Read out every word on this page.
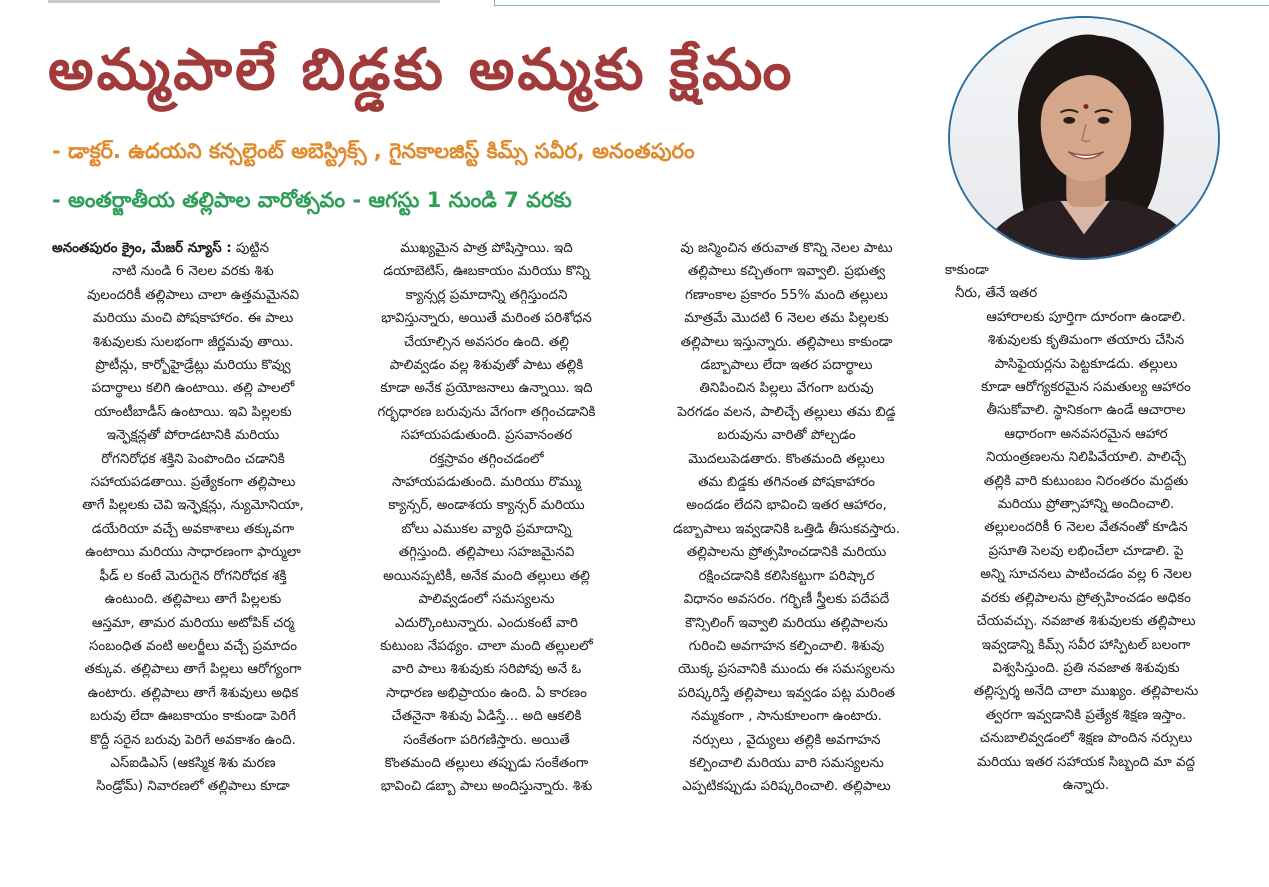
అమ్మపాలే బిడ్డకు అమ్మకు క్షేమం

- డాక్టర్. ఉదయని కన్సల్టెంట్ అబెస్ట్రిక్స్ , గైనకాలజిస్ట్ కిమ్స్ సవీర, అనంతపురం

- అంతర్జాతీయ తల్లిపాల వారోత్సవం - ఆగస్టు 1 నుండి 7 వరకు

అనంతపురం క్రైం, మేజర్ న్యూస్ : పుట్టిన

నాటి నుండి 6 నెలల వరకు శిశు

వులందరికీ తల్లిపాలు చాలా ఉత్తమమైనవి

మరియు మంచి పోషకాహారం. ఈ పాలు

శిశువులకు సులభంగా జీర్ణమవు తాయి.

ప్రొటీన్లు, కార్బోహైడ్రేట్లు మరియు కొవ్వు

పదార్థాలు కలిగి ఉంటాయి. తల్లి పాలలో

యాంటీబాడీస్ ఉంటాయి. ఇవి పిల్లలకు

ఇన్ఫెక్షన్లతో పోరాడటానికి మరియు

రోగనిరోధక శక్తిని పెంపొందిం చడానికి

సహాయపడతాయి. ప్రత్యేకంగా తల్లిపాలు

తాగే పిల్లలకు చెవి ఇన్ఫెక్షన్లు, న్యుమోనియా,

డయేరియా వచ్చే అవకాశాలు తక్కువగా

ఉంటాయి మరియు సాధారణంగా ఫార్ములా

ఫీడ్ ల కంటే మెరుగైన రోగనిరోధక శక్తి

ఉంటుంది. తల్లిపాలు తాగే పిల్లలకు

ఆస్తమా, తామర మరియు అటోపిక్ చర్మ

సంబంధిత వంటి అలర్జీలు వచ్చే ప్రమాదం

తక్కువ. తల్లిపాలు తాగే పిల్లలు ఆరోగ్యంగా

ఉంటారు. తల్లిపాలు తాగే శిశువులు అధిక

బరువు లేదా ఊబకాయం కాకుండా పెరిగే

కొద్దీ సరైన బరువు పెరిగే అవకాశం ఉంది.

ఎస్ఐడిఎస్ (ఆకస్మిక శిశు మరణ

సిండ్రోమ్) నివారణలో తల్లిపాలు కూడా

ముఖ్యమైన పాత్ర పోషిస్తాయి. ఇది

డయాబెటిస్, ఊబకాయం మరియు కొన్ని

క్యాన్సర్ల ప్రమాదాన్ని తగ్గిస్తుందని

భావిస్తున్నారు, అయితే మరింత పరిశోధన

చేయాల్సిన అవసరం ఉంది. తల్లి

పాలివ్వడం వల్ల శిశువుతో పాటు తల్లికి

కూడా అనేక ప్రయోజనాలు ఉన్నాయి. ఇది

గర్భధారణ బరువును వేగంగా తగ్గించడానికి

సహాయపడుతుంది. ప్రసవానంతర

రక్తస్రావం తగ్గించడంలో

సాహాయపడుతుంది. మరియు రొమ్ము

క్యాన్సర్, అండాశయ క్యాన్సర్ మరియు

బోలు ఎముకల వ్యాధి ప్రమాదాన్ని

తగ్గిస్తుంది. తల్లిపాలు సహజమైనవి

అయినప్పటికీ, అనేక మంది తల్లులు తల్లి

పాలివ్వడంలో సమస్యలను

ఎదుర్కొంటున్నారు. ఎందుకంటే వారి

కుటుంబ నేపథ్యం. చాలా మంది తల్లులలో

వారి పాలు శిశువుకు సరిపోవు అనే ఓ

సాధారణ అభిప్రాయం ఉంది. ఏ కారణం

చేతనైనా శిశువు ఏడిస్తే... అది ఆకలికి

సంకేతంగా పరిగణిస్తారు. అయితే

కొంతమంది తల్లులు తప్పుడు సంకేతంగా

భావించి డబ్బా పాలు అందిస్తున్నారు. శిశు

వు జన్మించిన తరువాత కొన్ని నెలల పాటు

తల్లిపాలు కచ్చితంగా ఇవ్వాలి. ప్రభుత్వ

గణాంకాల ప్రకారం 55% మంది తల్లులు

మాత్రమే మొదటి 6 నెలల తమ పిల్లలకు

తల్లిపాలు ఇస్తున్నారు. తల్లిపాలు కాకుండా

డబ్బాపాలు లేదా ఇతర పదార్థాలు

తినిపించిన పిల్లలు వేగంగా బరువు

పెరగడం వలన, పాలిచ్చే తల్లులు తమ బిడ్డ

బరువును వారితో పోల్చడం

మొదలుపెడతారు. కొంతమంది తల్లులు

తమ బిడ్డకు తగినంత పోషకాహారం

అందడం లేదని భావించి ఇతర ఆహారం,

డబ్బాపాలు ఇవ్వడానికి ఒత్తిడి తీసుకవస్తారు.

తల్లిపాలను ప్రోత్సహించడానికి మరియు

రక్షించడానికి కలిసికట్టుగా పరిష్కార

విధానం అవసరం. గర్భిణీ స్త్రీలకు పదేపదే

కౌన్సిలింగ్ ఇవ్వాలి మరియు తల్లిపాలను

గురించి అవగాహన కల్పించాలి. శిశువు

యొక్క ప్రసవానికి ముందు ఈ సమస్యలను

పరిష్కరిస్తే తల్లిపాలు ఇవ్వడం పట్ల మరింత

నమ్మకంగా , సానుకూలంగా ఉంటారు.

నర్సులు , వైద్యులు తల్లికి అవగాహన

కల్పించాలి మరియు వారి సమస్యలను

ఎప్పటికప్పుడు పరిష్కరించాలి. తల్లిపాలు

కాకుండా

నీరు, తేనే ఇతర

ఆహారాలకు పూర్తిగా దూరంగా ఉండాలి.

శిశువులకు కృతిమంగా తయారు చేసిన

పాసిఫైయర్లను పెట్టకూడదు. తల్లులు

కూడా ఆరోగ్యకరమైన సమతుల్య ఆహారం

తీసుకోవాలి. స్థానికంగా ఉండే ఆచారాల

ఆధారంగా అనవసరమైన ఆహార

నియంత్రణలను నిలిపివేయాలి. పాలిచ్చే

తల్లికి వారి కుటుంబం నిరంతరం మద్దతు

మరియు ప్రోత్సాహాన్ని అందించాలి.

తల్లులందరికీ 6 నెలల వేతనంతో కూడిన

ప్రసూతి సెలవు లభించేలా చూడాలి. పై

అన్ని సూచనలు పాటించడం వల్ల 6 నెలల

వరకు తల్లిపాలను ప్రోత్సహించడం అధికం

చేయవచ్చు. నవజాత శిశువులకు తల్లిపాలు

ఇవ్వడాన్ని కిమ్స్ సవీర హాస్పిటల్ బలంగా

విశ్వసిస్తుంది. ప్రతి నవజాత శిశువుకు

తల్లిస్పర్శ అనేది చాలా ముఖ్యం. తల్లిపాలను

త్వరగా ఇవ్వడానికి ప్రత్యేక శిక్షణ ఇస్తాం.

చనుబాలివ్వడంలో శిక్షణ పొందిన నర్సులు

మరియు ఇతర సహాయక సిబ్బంది మా వద్ద

ఉన్నారు.
